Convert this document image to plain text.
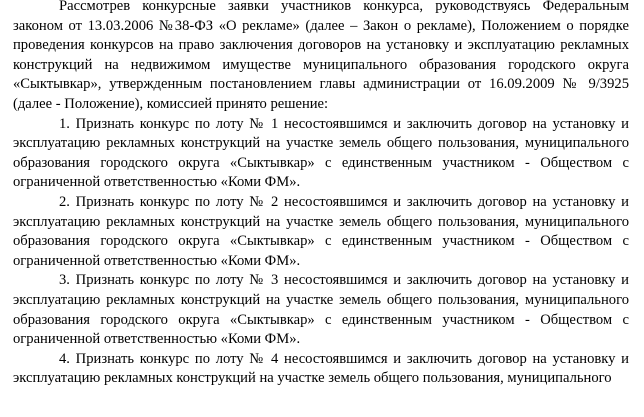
Рассмотрев конкурсные заявки участников конкурса, руководствуясь Федеральным законом от 13.03.2006 №38-ФЗ «О рекламе» (далее – Закон о рекламе), Положением о порядке проведения конкурсов на право заключения договоров на установку и эксплуатацию рекламных конструкций на недвижимом имуществе муниципального образования городского округа «Сыктывкар», утвержденным постановлением главы администрации от 16.09.2009 № 9/3925 (далее - Положение), комиссией принято решение:

1. Признать конкурс по лоту № 1 несостоявшимся и заключить договор на установку и эксплуатацию рекламных конструкций на участке земель общего пользования, муниципального образования городского округа «Сыктывкар» с единственным участником - Обществом с ограниченной ответственностью «Коми ФМ».

2. Признать конкурс по лоту № 2 несостоявшимся и заключить договор на установку и эксплуатацию рекламных конструкций на участке земель общего пользования, муниципального образования городского округа «Сыктывкар» с единственным участником - Обществом с ограниченной ответственностью «Коми ФМ».

3. Признать конкурс по лоту № 3 несостоявшимся и заключить договор на установку и эксплуатацию рекламных конструкций на участке земель общего пользования, муниципального образования городского округа «Сыктывкар» с единственным участником - Обществом с ограниченной ответственностью «Коми ФМ».

4. Признать конкурс по лоту № 4 несостоявшимся и заключить договор на установку и эксплуатацию рекламных конструкций на участке земель общего пользования, муниципального
